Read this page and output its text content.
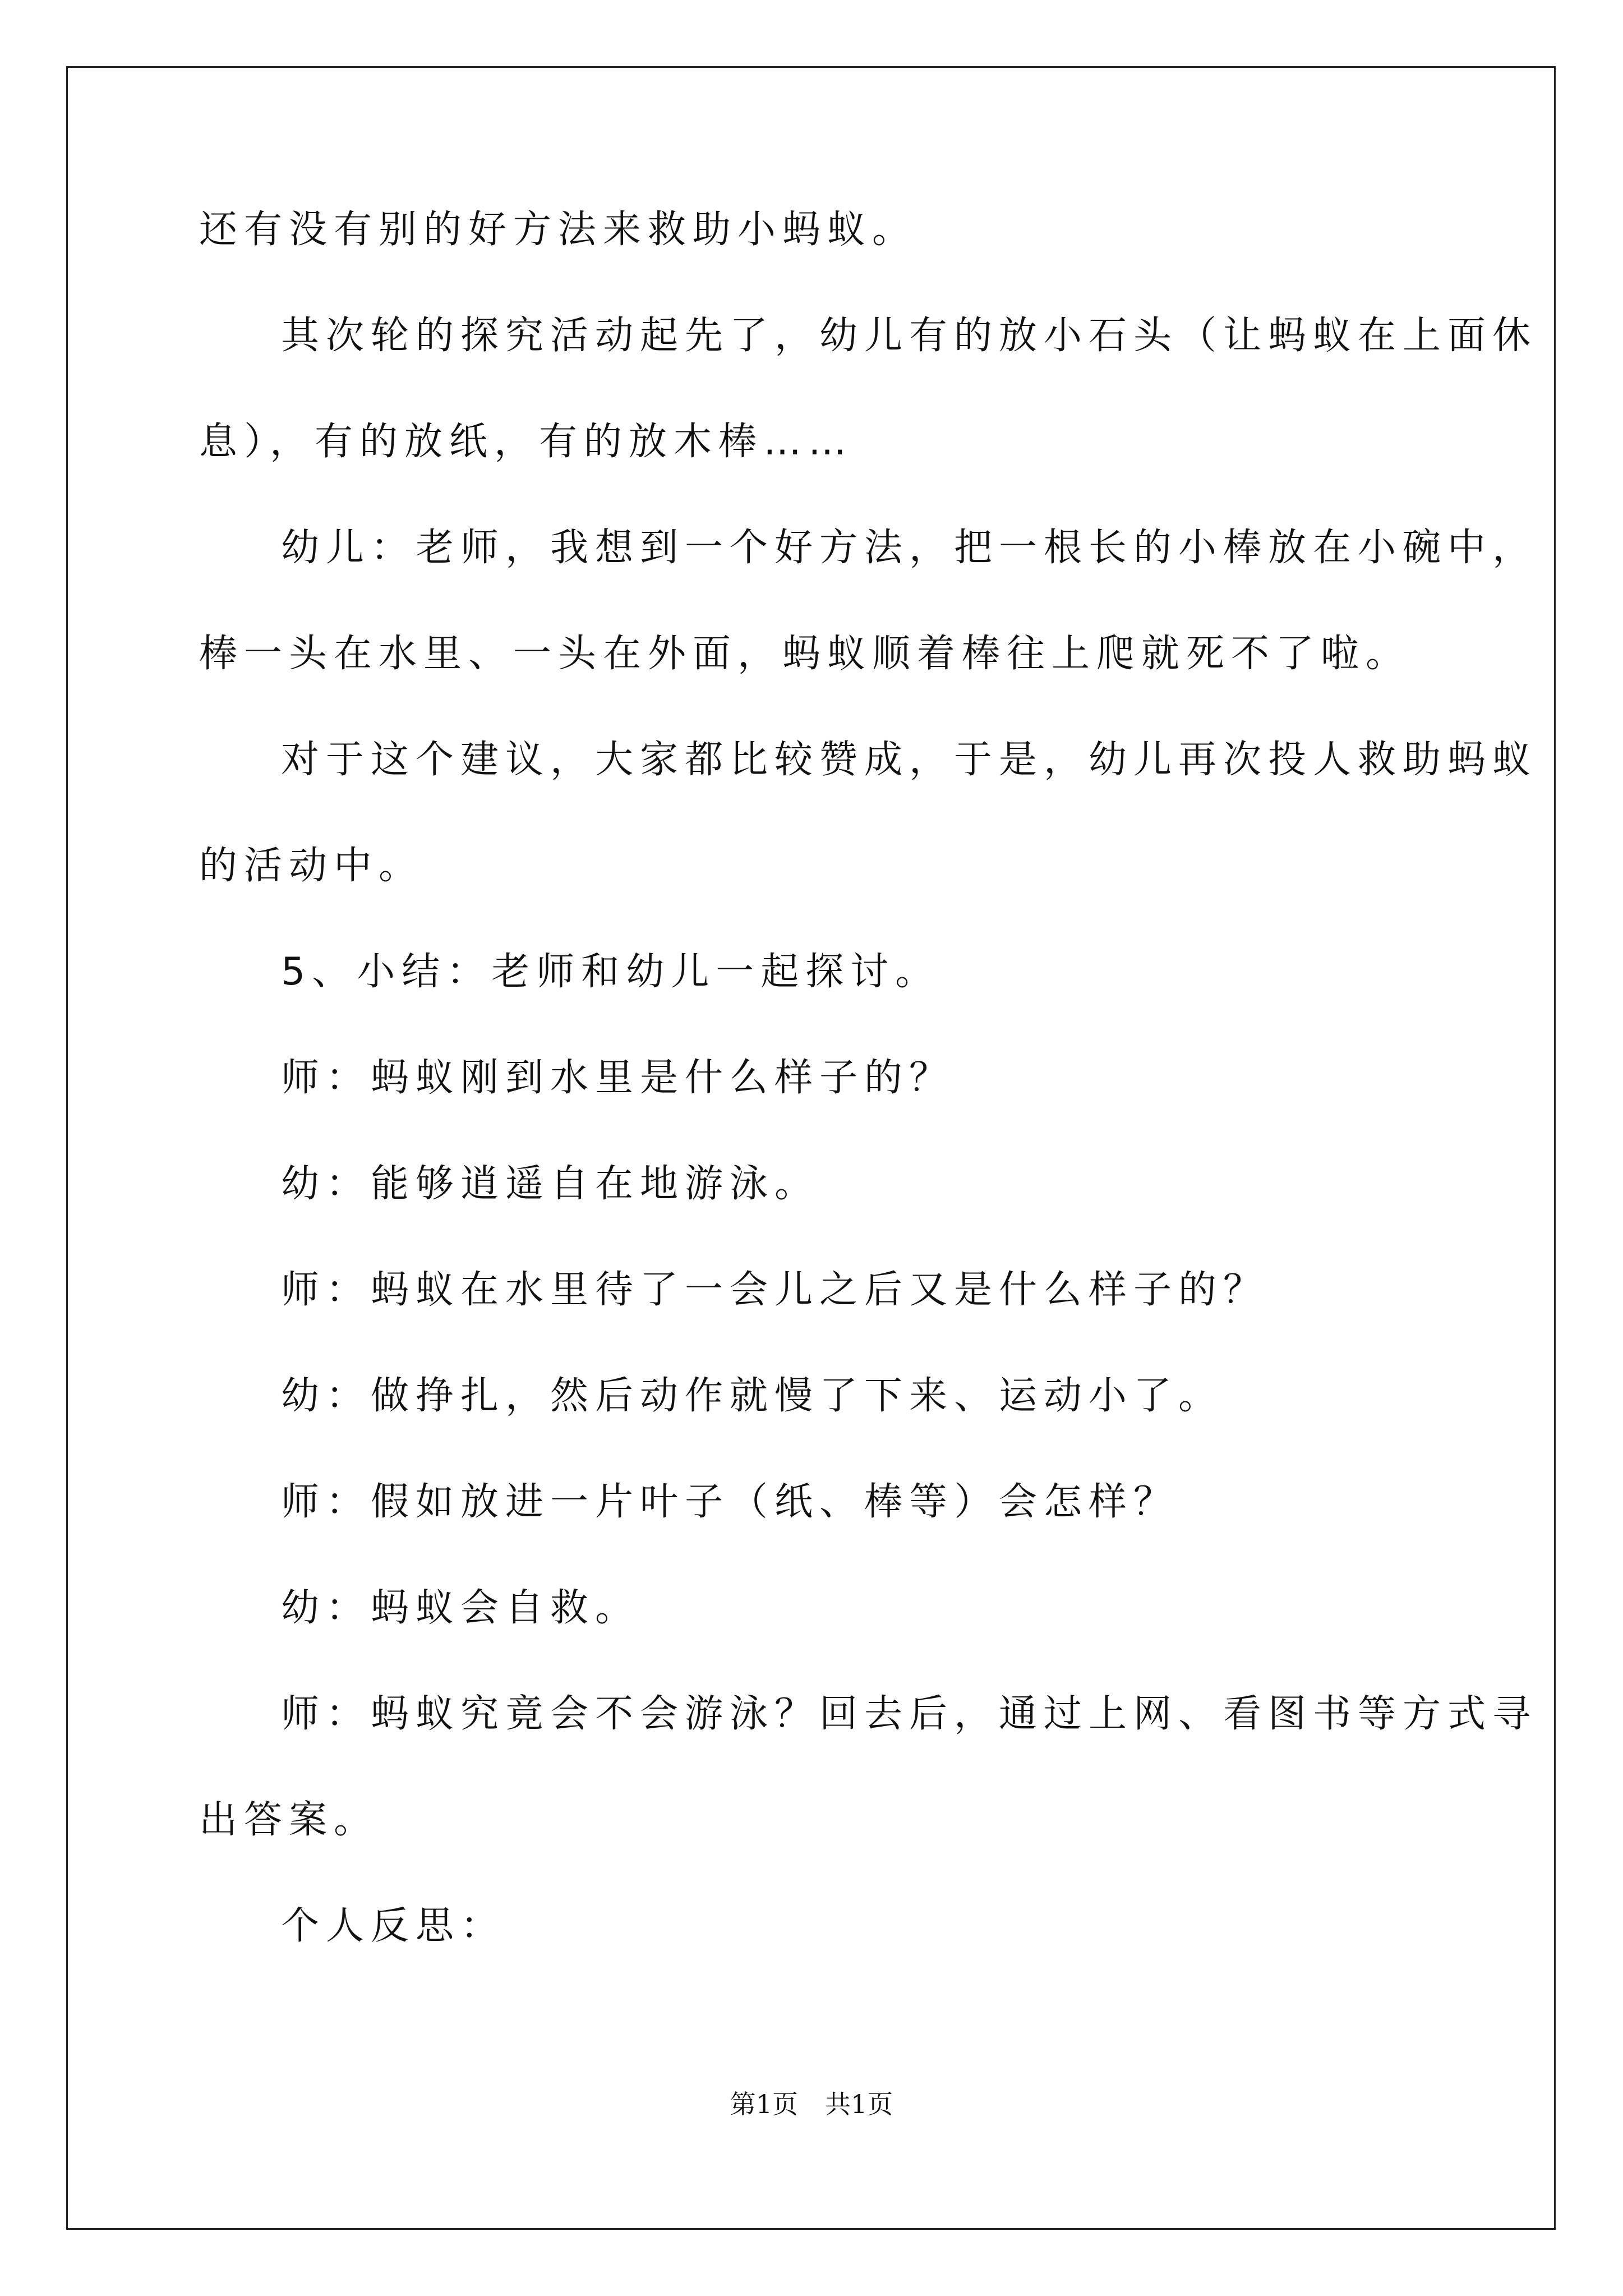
还有没有别的好方法来救助小蚂蚁。
其次轮的探究活动起先了，幼儿有的放小石头（让蚂蚁在上面休
息），有的放纸，有的放木棒……
幼儿：老师，我想到一个好方法，把一根长的小棒放在小碗中，
棒一头在水里、一头在外面，蚂蚁顺着棒往上爬就死不了啦。
对于这个建议，大家都比较赞成，于是，幼儿再次投人救助蚂蚁
的活动中。
5、小结：老师和幼儿一起探讨。
师：蚂蚁刚到水里是什么样子的？
幼：能够逍遥自在地游泳。
师：蚂蚁在水里待了一会儿之后又是什么样子的？
幼：做挣扎，然后动作就慢了下来、运动小了。
师：假如放进一片叶子（纸、棒等）会怎样？
幼：蚂蚁会自救。
师：蚂蚁究竟会不会游泳？回去后，通过上网、看图书等方式寻
出答案。
个人反思：
第1页 共1页
